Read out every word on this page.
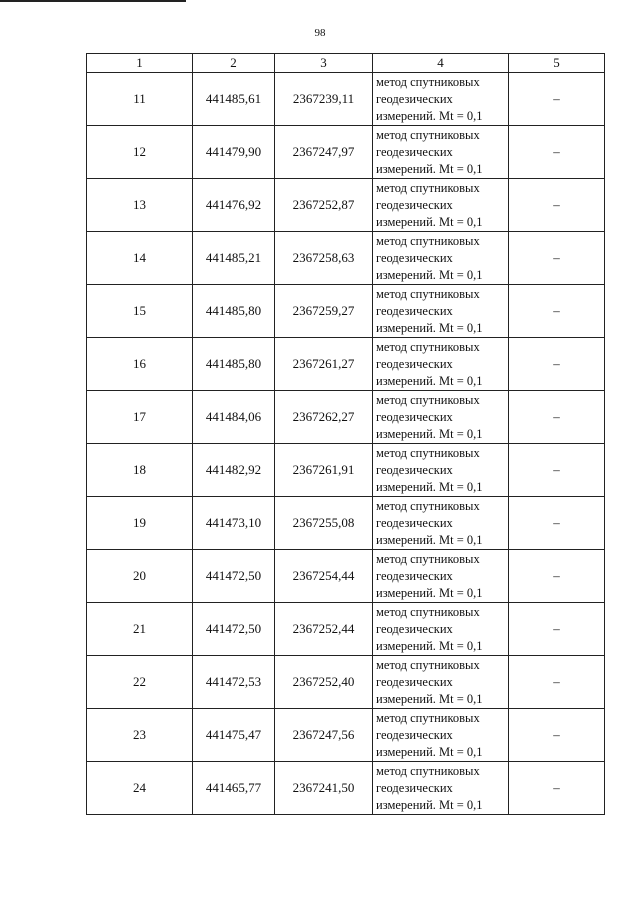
98
1	2	3	4	5
11	441485,61	2367239,11	метод спутниковых
геодезических
измерений. Mt = 0,1	–
12	441479,90	2367247,97	метод спутниковых
геодезических
измерений. Mt = 0,1	–
13	441476,92	2367252,87	метод спутниковых
геодезических
измерений. Mt = 0,1	–
14	441485,21	2367258,63	метод спутниковых
геодезических
измерений. Mt = 0,1	–
15	441485,80	2367259,27	метод спутниковых
геодезических
измерений. Mt = 0,1	–
16	441485,80	2367261,27	метод спутниковых
геодезических
измерений. Mt = 0,1	–
17	441484,06	2367262,27	метод спутниковых
геодезических
измерений. Mt = 0,1	–
18	441482,92	2367261,91	метод спутниковых
геодезических
измерений. Mt = 0,1	–
19	441473,10	2367255,08	метод спутниковых
геодезических
измерений. Mt = 0,1	–
20	441472,50	2367254,44	метод спутниковых
геодезических
измерений. Mt = 0,1	–
21	441472,50	2367252,44	метод спутниковых
геодезических
измерений. Mt = 0,1	–
22	441472,53	2367252,40	метод спутниковых
геодезических
измерений. Mt = 0,1	–
23	441475,47	2367247,56	метод спутниковых
геодезических
измерений. Mt = 0,1	–
24	441465,77	2367241,50	метод спутниковых
геодезических
измерений. Mt = 0,1	–
